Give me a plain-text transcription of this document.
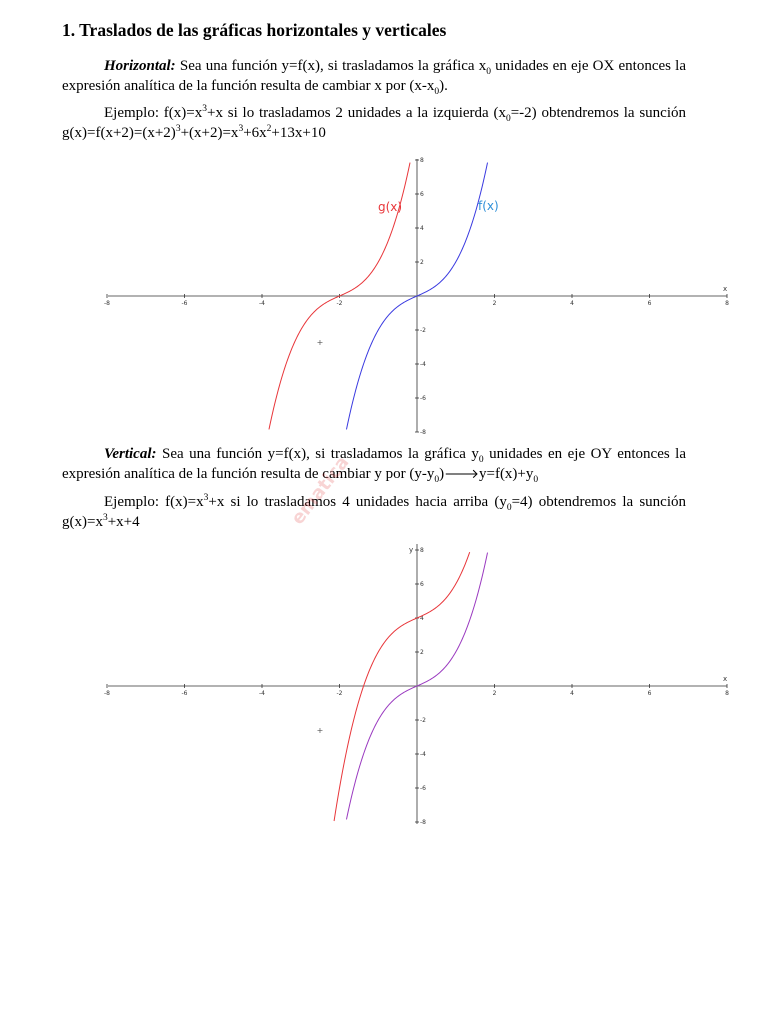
1. Traslados de las gráficas horizontales y verticales

Horizontal: Sea una función y=f(x), si trasladamos la gráfica $x_0$ unidades en eje OX entonces la expresión analítica de la función resulta de cambiar x por $(x-x_0)$.

Ejemplo: $f(x)=x^3+x$ si lo trasladamos 2 unidades a la izquierda $(x_0=-2)$ obtendremos la sunción $g(x)=f(x+2)=(x+2)^3+(x+2)=x^3+6x^2+13x+10$

-8	-6	-4	-2	2	4	6	8
8
6
4
2
-2
-4
-6
-8
x
+
g(x)	f(x)

Vertical: Sea una función y=f(x), si trasladamos la gráfica $y_0$ unidades en eje OY entonces la expresión analítica de la función resulta de cambiar y por $(y-y_0)🡒y=f(x)+y_0$

Ejemplo: $f(x)=x^3+x$ si lo trasladamos 4 unidades hacia arriba $(y_0=4)$ obtendremos la sunción $g(x)=x^3+x+4$

-8	-6	-4	-2	2	4	6	8
8
6
4
2
-2
-4
-6
-8
x
y
+
ematica
